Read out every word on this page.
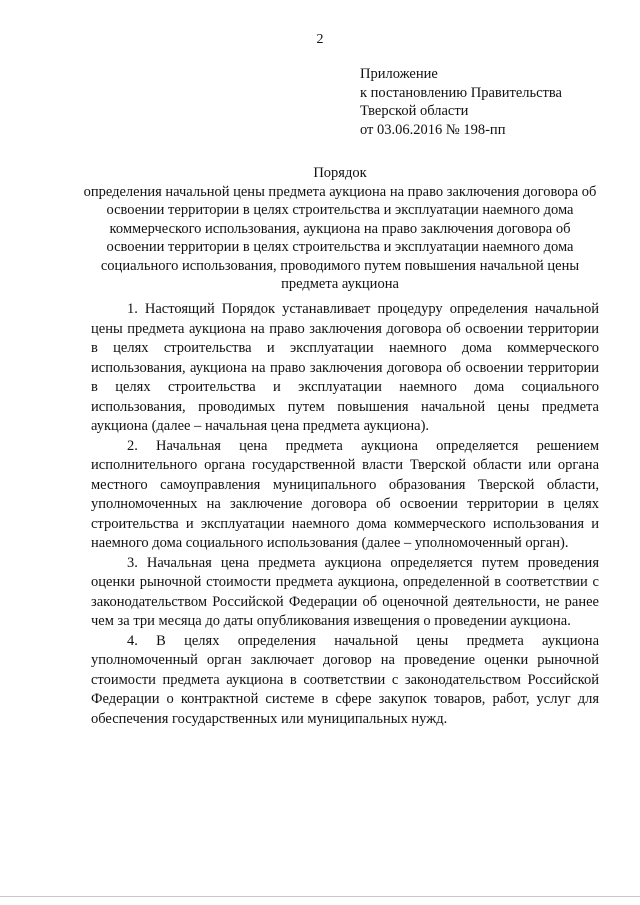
2
Приложение
к постановлению Правительства
Тверской области
от 03.06.2016 № 198-пп
Порядок
определения начальной цены предмета аукциона на право заключения договора об освоении территории в целях строительства и эксплуатации наемного дома коммерческого использования, аукциона на право заключения договора об освоении территории в целях строительства и эксплуатации наемного дома социального использования, проводимого путем повышения начальной цены предмета аукциона

1. Настоящий Порядок устанавливает процедуру определения начальной цены предмета аукциона на право заключения договора об освоении территории в целях строительства и эксплуатации наемного дома коммерческого использования, аукциона на право заключения договора об освоении территории в целях строительства и эксплуатации наемного дома социального использования, проводимых путем повышения начальной цены предмета аукциона (далее – начальная цена предмета аукциона).

2. Начальная цена предмета аукциона определяется решением исполнительного органа государственной власти Тверской области или органа местного самоуправления муниципального образования Тверской области, уполномоченных на заключение договора об освоении территории в целях строительства и эксплуатации наемного дома коммерческого использования и наемного дома социального использования (далее – уполномоченный орган).

3. Начальная цена предмета аукциона определяется путем проведения оценки рыночной стоимости предмета аукциона, определенной в соответствии с законодательством Российской Федерации об оценочной деятельности, не ранее чем за три месяца до даты опубликования извещения о проведении аукциона.

4. В целях определения начальной цены предмета аукциона уполномоченный орган заключает договор на проведение оценки рыночной стоимости предмета аукциона в соответствии с законодательством Российской Федерации о контрактной системе в сфере закупок товаров, работ, услуг для обеспечения государственных или муниципальных нужд.
